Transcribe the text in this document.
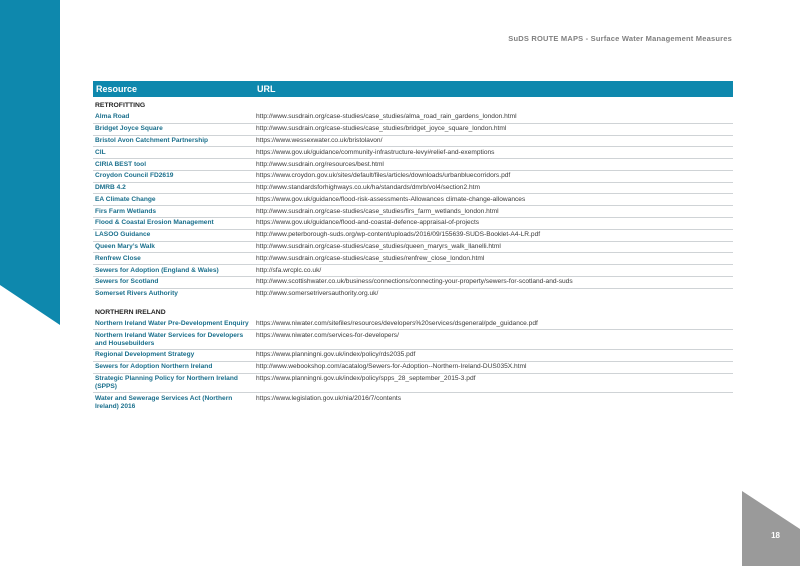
SuDS ROUTE MAPS - Surface Water Management Measures
Resource	URL
RETROFITTING	
Alma Road	http://www.susdrain.org/case-studies/case_studies/alma_road_rain_gardens_london.html
Bridget Joyce Square	http://www.susdrain.org/case-studies/case_studies/bridget_joyce_square_london.html
Bristol Avon Catchment Partnership	https://www.wessexwater.co.uk/bristolavon/
CIL	https://www.gov.uk/guidance/community-infrastructure-levy#relief-and-exemptions
CIRIA BEST tool	http://www.susdrain.org/resources/best.html
Croydon Council FD2619	https://www.croydon.gov.uk/sites/default/files/articles/downloads/urbanbluecorridors.pdf
DMRB 4.2	http://www.standardsforhighways.co.uk/ha/standards/dmrb/vol4/section2.htm
EA Climate Change	https://www.gov.uk/guidance/flood-risk-assessments-Allowances climate-change-allowances
Firs Farm Wetlands	http://www.susdrain.org/case-studies/case_studies/firs_farm_wetlands_london.html
Flood & Coastal Erosion Management	https://www.gov.uk/guidance/flood-and-coastal-defence-appraisal-of-projects
LASOO Guidance	http://www.peterborough-suds.org/wp-content/uploads/2016/09/155639-SUDS-Booklet-A4-LR.pdf
Queen Mary’s Walk	http://www.susdrain.org/case-studies/case_studies/queen_maryrs_walk_llanelli.html
Renfrew Close	http://www.susdrain.org/case-studies/case_studies/renfrew_close_london.html
Sewers for Adoption (England & Wales)	http://sfa.wrcplc.co.uk/
Sewers for Scotland	http://www.scottishwater.co.uk/business/connections/connecting-your-property/sewers-for-scotland-and-suds
Somerset Rivers Authority	http://www.somersetriversauthority.org.uk/
NORTHERN IRELAND	
Northern Ireland Water Pre-Development Enquiry	https://www.niwater.com/sitefiles/resources/developers%20services/dsgeneral/pde_guidance.pdf
Northern Ireland Water Services for Developers and Housebuilders	https://www.niwater.com/services-for-developers/
Regional Development Strategy	https://www.planningni.gov.uk/index/policy/rds2035.pdf
Sewers for Adoption Northern Ireland	http://www.webookshop.com/acatalog/Sewers-for-Adoption--Northern-Ireland-DUS035X.html
Strategic Planning Policy for Northern Ireland (SPPS)	https://www.planningni.gov.uk/index/policy/spps_28_september_2015-3.pdf
Water and Sewerage Services Act (Northern Ireland) 2016	https://www.legislation.gov.uk/nia/2016/7/contents
18
